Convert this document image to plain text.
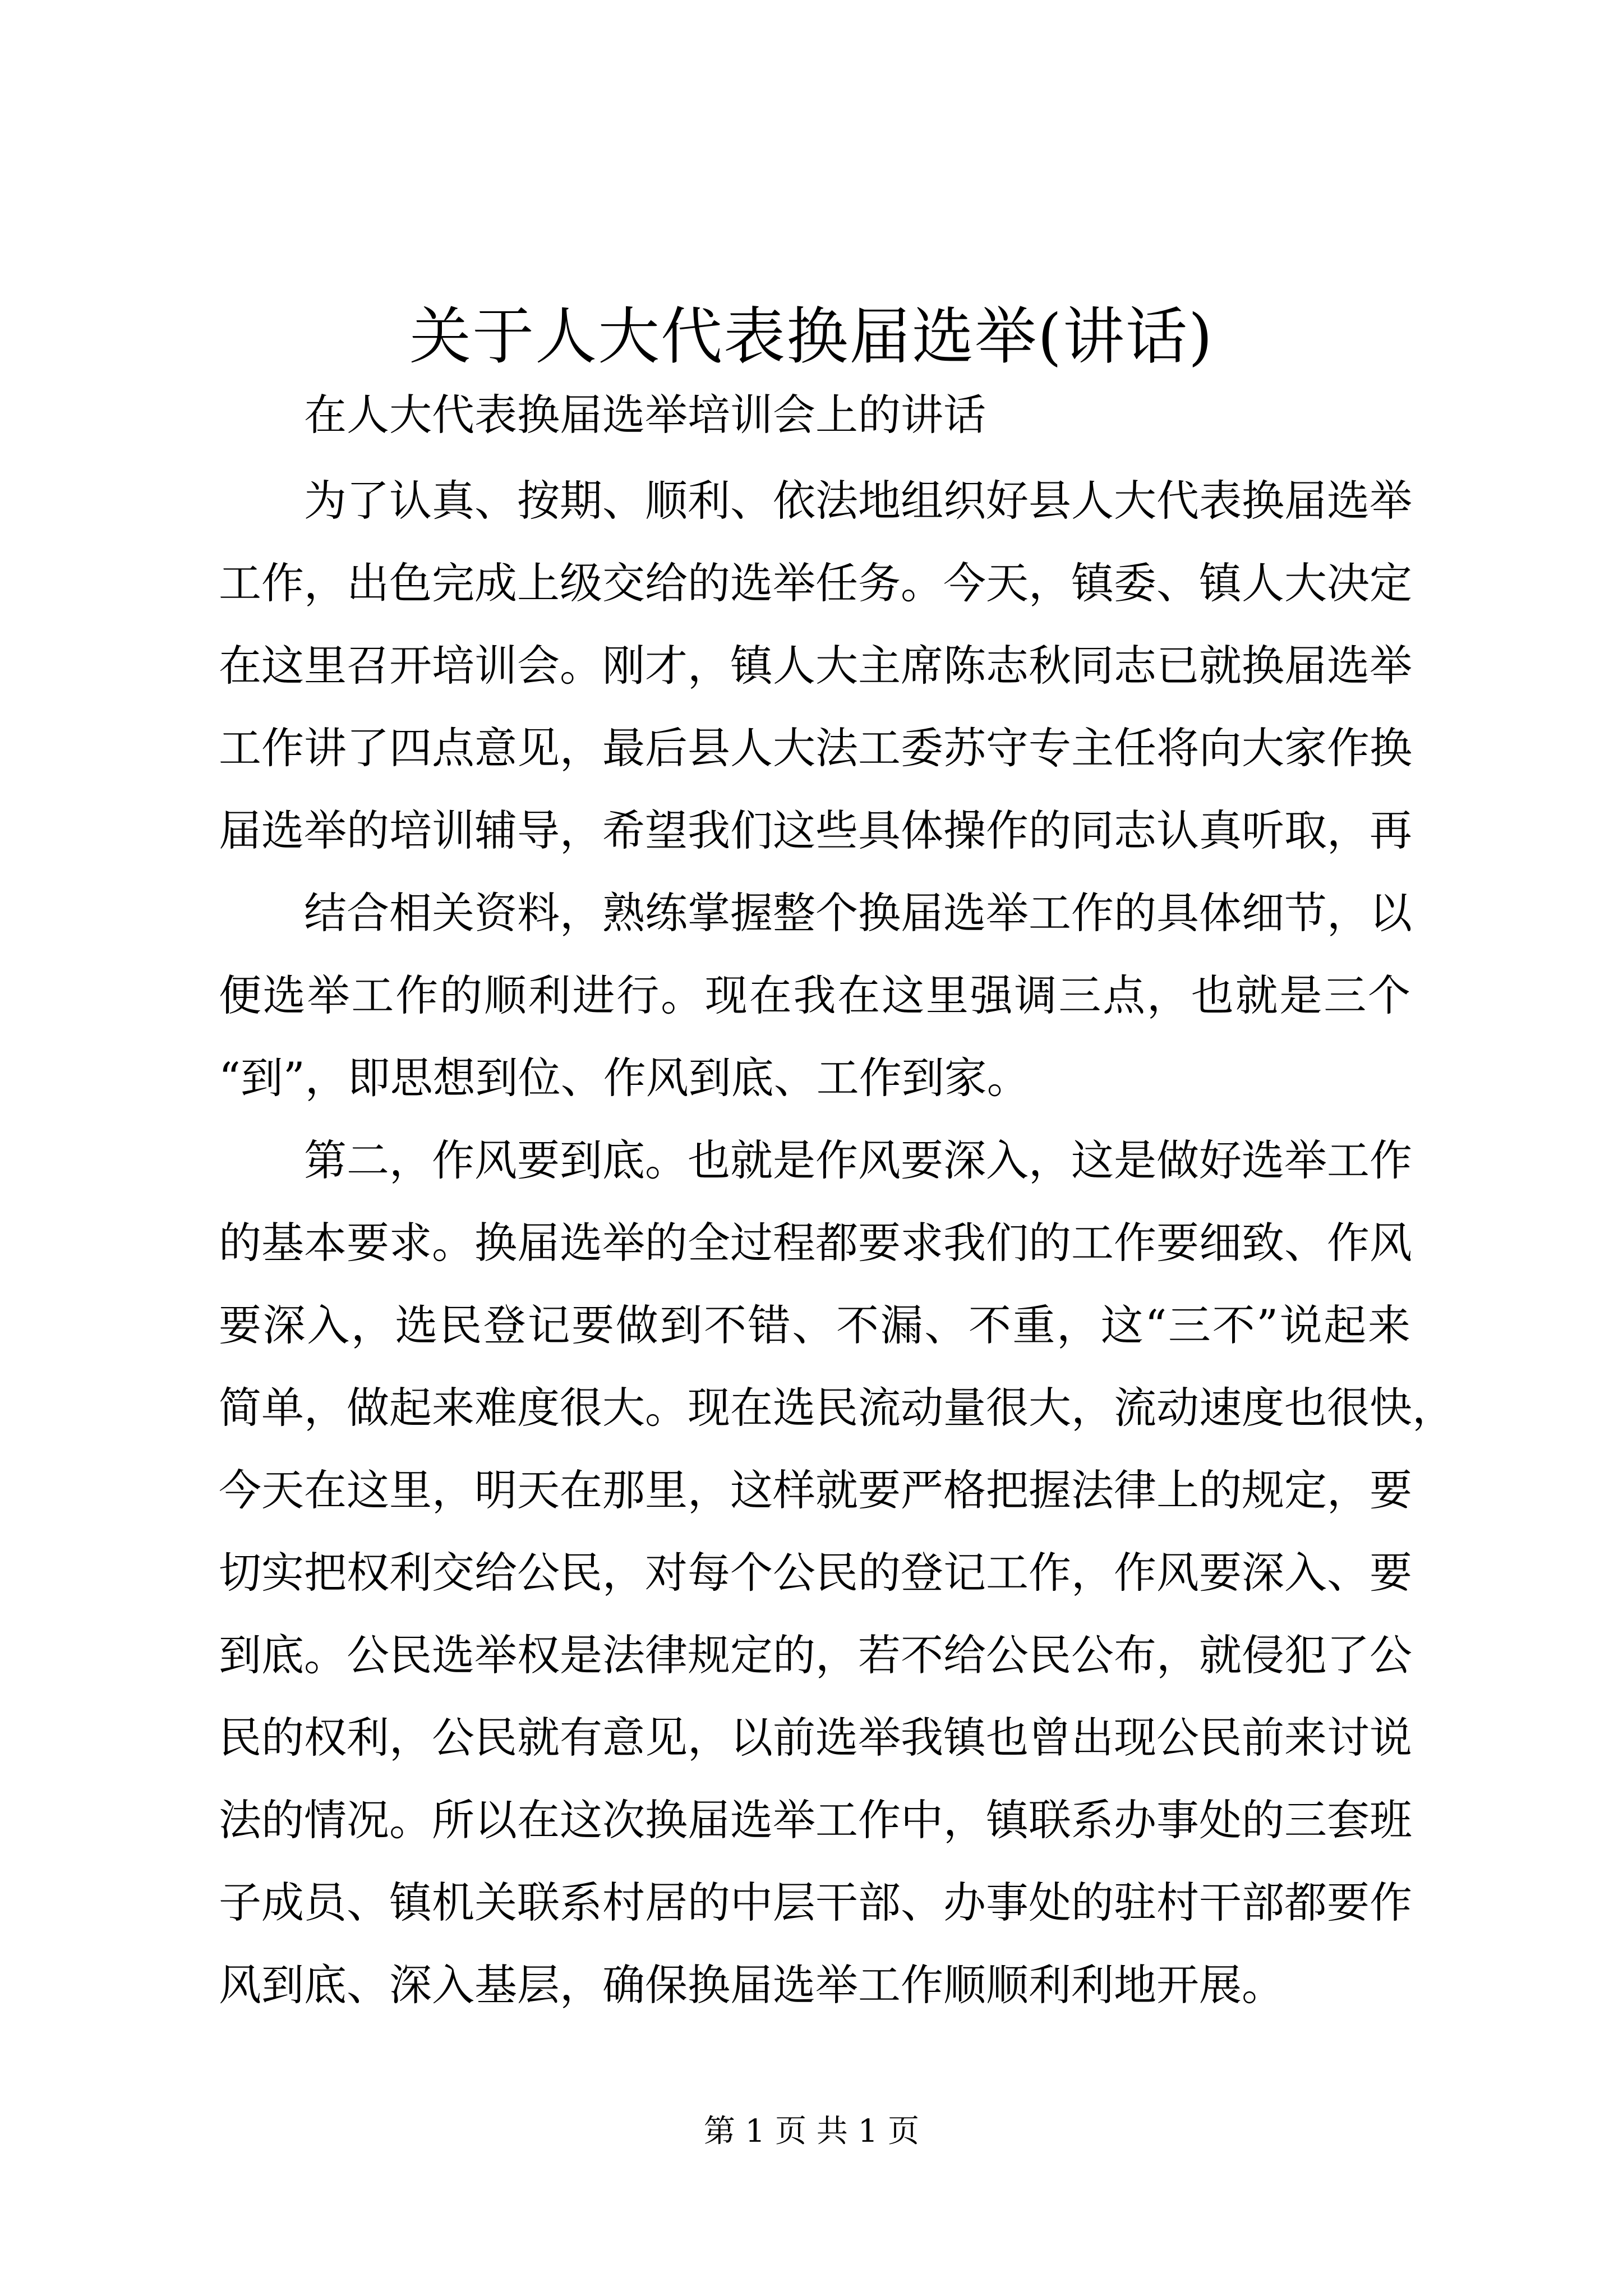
关于人大代表换届选举(讲话)
在人大代表换届选举培训会上的讲话
为了认真、按期、顺利、依法地组织好县人大代表换届选举
工作，出色完成上级交给的选举任务。今天，镇委、镇人大决定
在这里召开培训会。刚才，镇人大主席陈志秋同志已就换届选举
工作讲了四点意见，最后县人大法工委苏守专主任将向大家作换
届选举的培训辅导，希望我们这些具体操作的同志认真听取，再
结合相关资料，熟练掌握整个换届选举工作的具体细节，以
便选举工作的顺利进行。现在我在这里强调三点，也就是三个
“到”，即思想到位、作风到底、工作到家。
第二，作风要到底。也就是作风要深入，这是做好选举工作
的基本要求。换届选举的全过程都要求我们的工作要细致、作风
要深入，选民登记要做到不错、不漏、不重，这“三不”说起来
简单，做起来难度很大。现在选民流动量很大，流动速度也很快，
今天在这里，明天在那里，这样就要严格把握法律上的规定，要
切实把权利交给公民，对每个公民的登记工作，作风要深入、要
到底。公民选举权是法律规定的，若不给公民公布，就侵犯了公
民的权利，公民就有意见，以前选举我镇也曾出现公民前来讨说
法的情况。所以在这次换届选举工作中，镇联系办事处的三套班
子成员、镇机关联系村居的中层干部、办事处的驻村干部都要作
风到底、深入基层，确保换届选举工作顺顺利利地开展。
第 1 页 共 1 页
